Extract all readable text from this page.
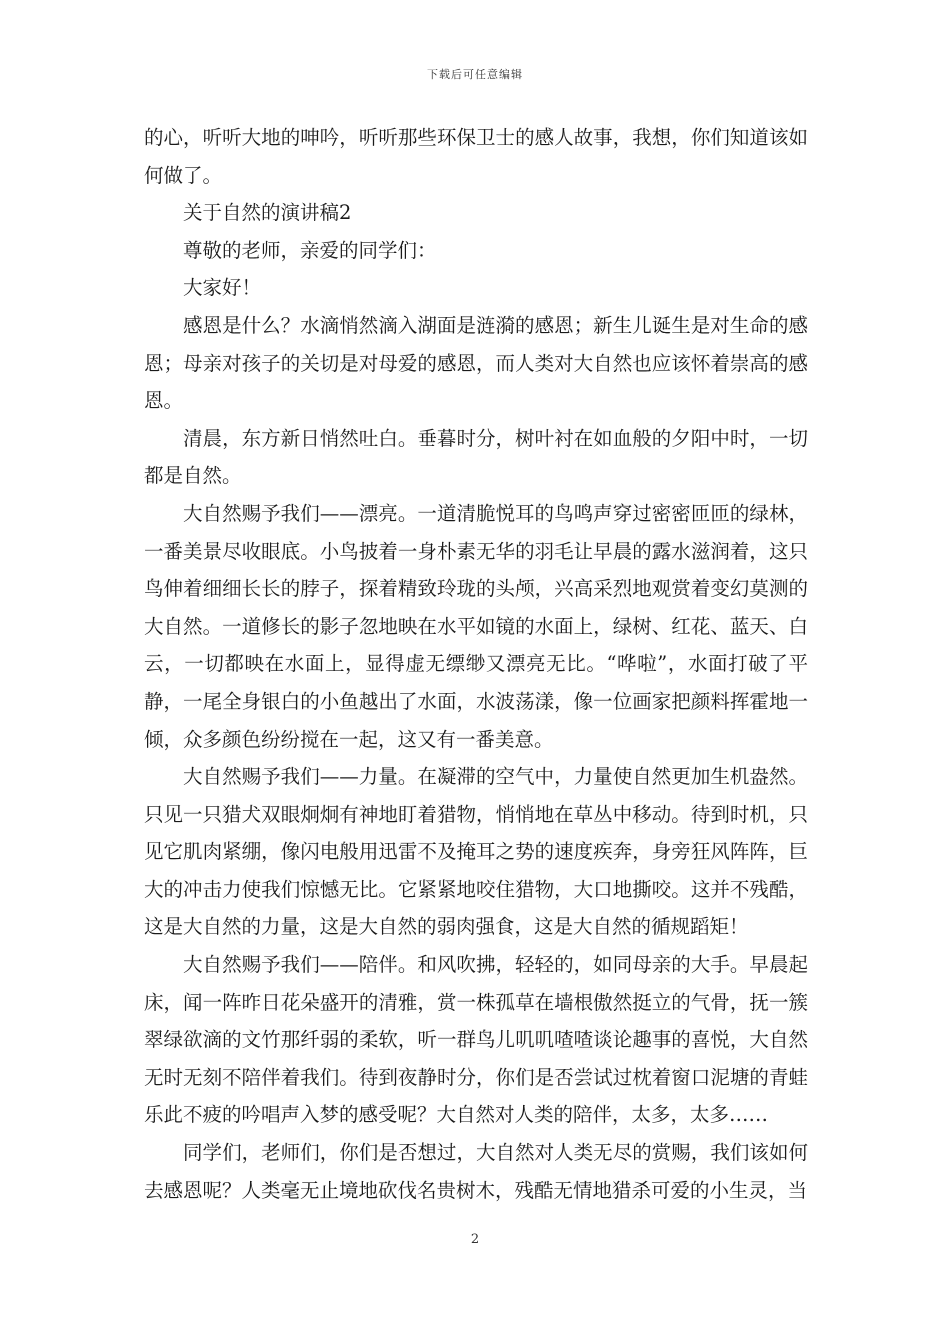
下载后可任意编辑

的心，听听大地的呻吟，听听那些环保卫士的感人故事，我想，你们知道该如何做了。

关于自然的演讲稿2

尊敬的老师，亲爱的同学们：

大家好！

感恩是什么？水滴悄然滴入湖面是涟漪的感恩；新生儿诞生是对生命的感恩；母亲对孩子的关切是对母爱的感恩，而人类对大自然也应该怀着崇高的感恩。

清晨，东方新日悄然吐白。垂暮时分，树叶衬在如血般的夕阳中时，一切都是自然。

大自然赐予我们——漂亮。一道清脆悦耳的鸟鸣声穿过密密匝匝的绿林，一番美景尽收眼底。小鸟披着一身朴素无华的羽毛让早晨的露水滋润着，这只鸟伸着细细长长的脖子，探着精致玲珑的头颅，兴高采烈地观赏着变幻莫测的大自然。一道修长的影子忽地映在水平如镜的水面上，绿树、红花、蓝天、白云，一切都映在水面上，显得虚无缥缈又漂亮无比。“哗啦”，水面打破了平静，一尾全身银白的小鱼越出了水面，水波荡漾，像一位画家把颜料挥霍地一倾，众多颜色纷纷搅在一起，这又有一番美意。

大自然赐予我们——力量。在凝滞的空气中，力量使自然更加生机盎然。只见一只猎犬双眼炯炯有神地盯着猎物，悄悄地在草丛中移动。待到时机，只见它肌肉紧绷，像闪电般用迅雷不及掩耳之势的速度疾奔，身旁狂风阵阵，巨大的冲击力使我们惊憾无比。它紧紧地咬住猎物，大口地撕咬。这并不残酷，这是大自然的力量，这是大自然的弱肉强食，这是大自然的循规蹈矩！

大自然赐予我们——陪伴。和风吹拂，轻轻的，如同母亲的大手。早晨起床，闻一阵昨日花朵盛开的清雅，赏一株孤草在墙根傲然挺立的气骨，抚一簇翠绿欲滴的文竹那纤弱的柔软，听一群鸟儿叽叽喳喳谈论趣事的喜悦，大自然无时无刻不陪伴着我们。待到夜静时分，你们是否尝试过枕着窗口泥塘的青蛙乐此不疲的吟唱声入梦的感受呢？大自然对人类的陪伴，太多，太多……

同学们，老师们，你们是否想过，大自然对人类无尽的赏赐，我们该如何去感恩呢？人类毫无止境地砍伐名贵树木，残酷无情地猎杀可爱的小生灵，当

2
